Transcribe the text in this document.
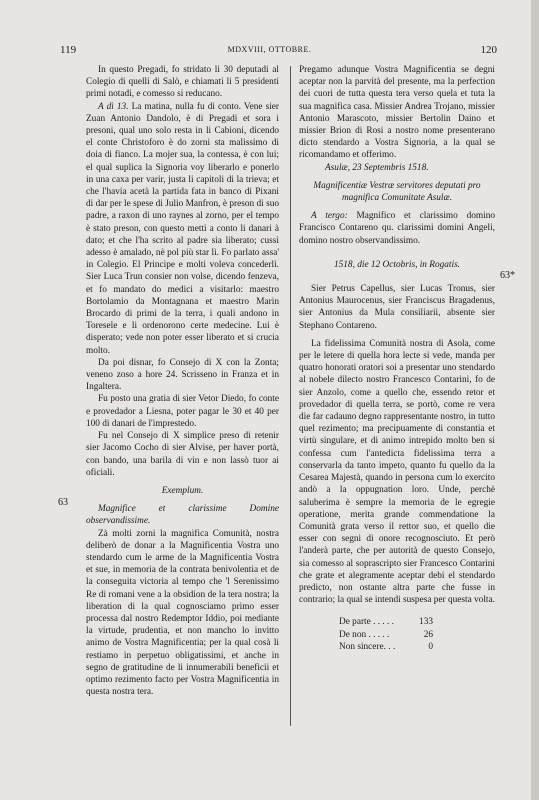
119	MDXVIII, OTTOBRE.	120

In questo Pregadi, fo stridato li 30 deputadi al Colegio di quelli di Salò, e chiamati li 5 presidenti primi notadi, e comesso si reducano.

A dì 13. La matina, nulla fu di conto. Vene sier Zuan Antonio Dandolo, è di Pregadi et sora i presoni, qual uno solo resta in li Cabioni, dicendo el conte Christoforo è do zorni sta malissimo di doia di fianco. La mojer sua, la contessa, è con lui; el qual suplica la Signoria voy liberarlo e ponerlo in una caxa per varir, justa li capitoli di la trieva; et che l'havia acetà la partida fata in banco di Pixani di dar per le spese di Julio Manfron, è preson di suo padre, a raxon di uno raynes al zorno, per el tempo è stato preson, con questo metti a conto li danari à dato; et che l'ha scrito al padre sia liberato; cussì adesso è amalado, nè pol più star lì. Fo parlato assa' in Colegio. El Principe e molti voleva concederli. Sier Luca Trun consier non volse, dicendo fenzeva, et fo mandato do medici a visitarlo: maestro Bortolamio da Montagnana et maestro Marin Brocardo di primi de la terra, i quali andono in Toresele e li ordenorono certe medecine. Lui è disperato; vede non poter esser liberato et si crucia molto.

Da poi disnar, fo Consejo di X con la Zonta; veneno zoso a hore 24. Scrisseno in Franza et in Ingaltera.

Fu posto una gratia di sier Vetor Diedo, fo conte e provedador a Liesna, poter pagar le 30 et 40 per 100 di danari de l'imprestedo.

Fu nel Consejo di X simplice preso di retenir sier Jacomo Cocho di sier Alvise, per haver portà, con bando, una barila di vin e non lassò tuor ai oficiali.

Exemplum.

Magnifice et clarissime Domine observandissime.

Zà molti zorni la magnifica Comunità, nostra deliberò de donar a la Magnificentia Vostra uno stendardo cum le arme de la Magnificentia Vostra et sue, in memoria de la contrata benivolentia et de la conseguita victoria al tempo che 'l Serenissimo Re di romani vene a la obsidion de la tera nostra; la liberation di la qual cognosciamo primo esser processa dal nostro Redemptor Iddio, poi mediante la virtude, prudentia, et non mancho lo invitto animo de Vostra Magnificentia; per la qual cosà li restiamo in perpetuo obligatissimi, et anche in segno de gratitudine de li innumerabili beneficii et optimo rezimento facto per Vostra Magnificentia in questa nostra tera.

63

Pregamo adunque Vostra Magnificentia se degni aceptar non la parvità del presente, ma la perfection dei cuori de tutta questa tera verso quela et tuta la sua magnifica casa. Missier Andrea Trojano, missier Antonio Marascoto, missier Bertolin Daino et missier Brion di Rosi a nostro nome presenterano dicto stendardo a Vostra Signoria, a la qual se ricomandamo et offerimo.

Asulæ, 23 Septembris 1518.

Magnificentiæ Vestræ servitores deputati pro magnifica Comunitate Asulæ.

A tergo: Magnifico et clarissimo domino Francisco Contareno qu. clarissimi domini Angeli, domino nostro observandissimo.

1518, die 12 Octobris, in Rogatis.

Sier Petrus Capellus, sier Lucas Tronus, sier Antonius Maurocenus, sier Franciscus Bragadenus, sier Antonius da Mula consiliarii, absente sier Stephano Contareno.

La fidelissima Comunità nostra di Asola, come per le letere di quella hora lecte si vede, manda per quatro honorati oratori soi a presentar uno stendardo al nobele dilecto nostro Francesco Contarini, fo de sier Anzolo, come a quello che, essendo retor et provedador di quella terra, se portò, come re vera die far cadauno degno rappresentante nostro, in tutto quel rezimento; ma precipuamente di constantia et virtù singulare, et di animo intrepido molto ben si confessa cum l'antedicta fidelissima terra a conservarla da tanto impeto, quanto fu quello da la Cesarea Majestà, quando in persona cum lo exercito andò a la oppugnation loro. Unde, perchè saluberima è sempre la memoria de le egregie operatione, merita grande commendatione la Comunità grata verso il rettor suo, et quello die esser con segni di onore recognosciuto. Et però l'anderà parte, che per autorità de questo Consejo, sia comesso al soprascripto sier Francesco Contarini che grate et alegramente aceptar debi el stendardo predicto, non ostante altra parte che fusse in contrario; la qual se intendi suspesa per questa volta.

De parte . . . . .	133
De non . . . . .	26
Non sincere. . .	0
63*
